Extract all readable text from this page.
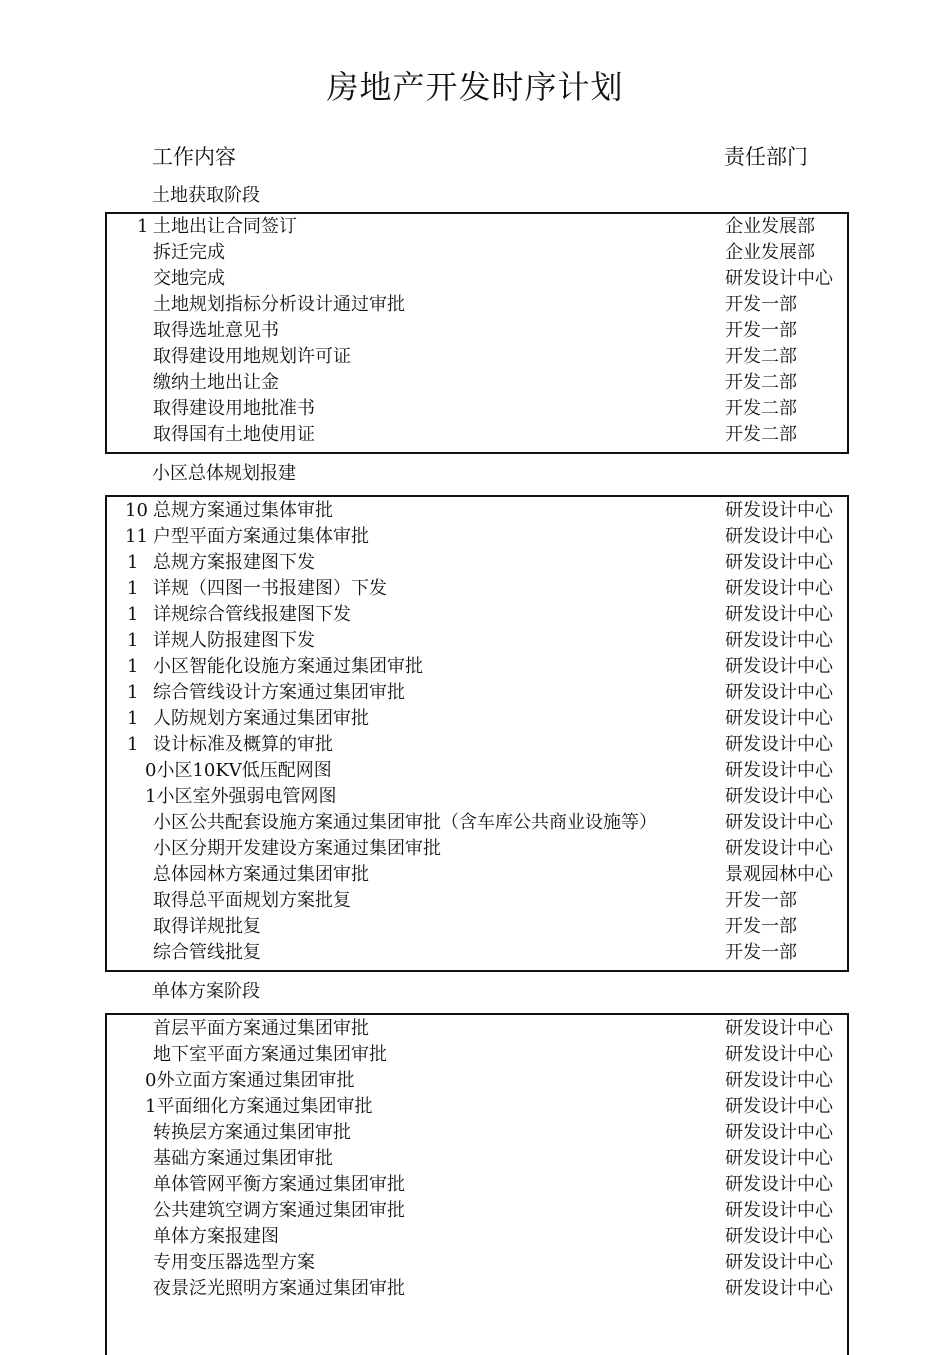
房地产开发时序计划
工作内容	责任部门
土地获取阶段
1 土地出让合同签订	企业发展部
拆迁完成	企业发展部
交地完成	研发设计中心
土地规划指标分析设计通过审批	开发一部
取得选址意见书	开发一部
取得建设用地规划许可证	开发二部
缴纳土地出让金	开发二部
取得建设用地批准书	开发二部
取得国有土地使用证	开发二部
小区总体规划报建
10 总规方案通过集体审批	研发设计中心
11 户型平面方案通过集体审批	研发设计中心
1 总规方案报建图下发	研发设计中心
1 详规（四图一书报建图）下发	研发设计中心
1 详规综合管线报建图下发	研发设计中心
1 详规人防报建图下发	研发设计中心
1 小区智能化设施方案通过集团审批	研发设计中心
1 综合管线设计方案通过集团审批	研发设计中心
1 人防规划方案通过集团审批	研发设计中心
1 设计标准及概算的审批	研发设计中心
0小区10KV低压配网图	研发设计中心
1小区室外强弱电管网图	研发设计中心
小区公共配套设施方案通过集团审批（含车库公共商业设施等）	研发设计中心
小区分期开发建设方案通过集团审批	研发设计中心
总体园林方案通过集团审批	景观园林中心
取得总平面规划方案批复	开发一部
取得详规批复	开发一部
综合管线批复	开发一部
单体方案阶段
首层平面方案通过集团审批	研发设计中心
地下室平面方案通过集团审批	研发设计中心
0外立面方案通过集团审批	研发设计中心
1平面细化方案通过集团审批	研发设计中心
转换层方案通过集团审批	研发设计中心
基础方案通过集团审批	研发设计中心
单体管网平衡方案通过集团审批	研发设计中心
公共建筑空调方案通过集团审批	研发设计中心
单体方案报建图	研发设计中心
专用变压器选型方案	研发设计中心
夜景泛光照明方案通过集团审批	研发设计中心
